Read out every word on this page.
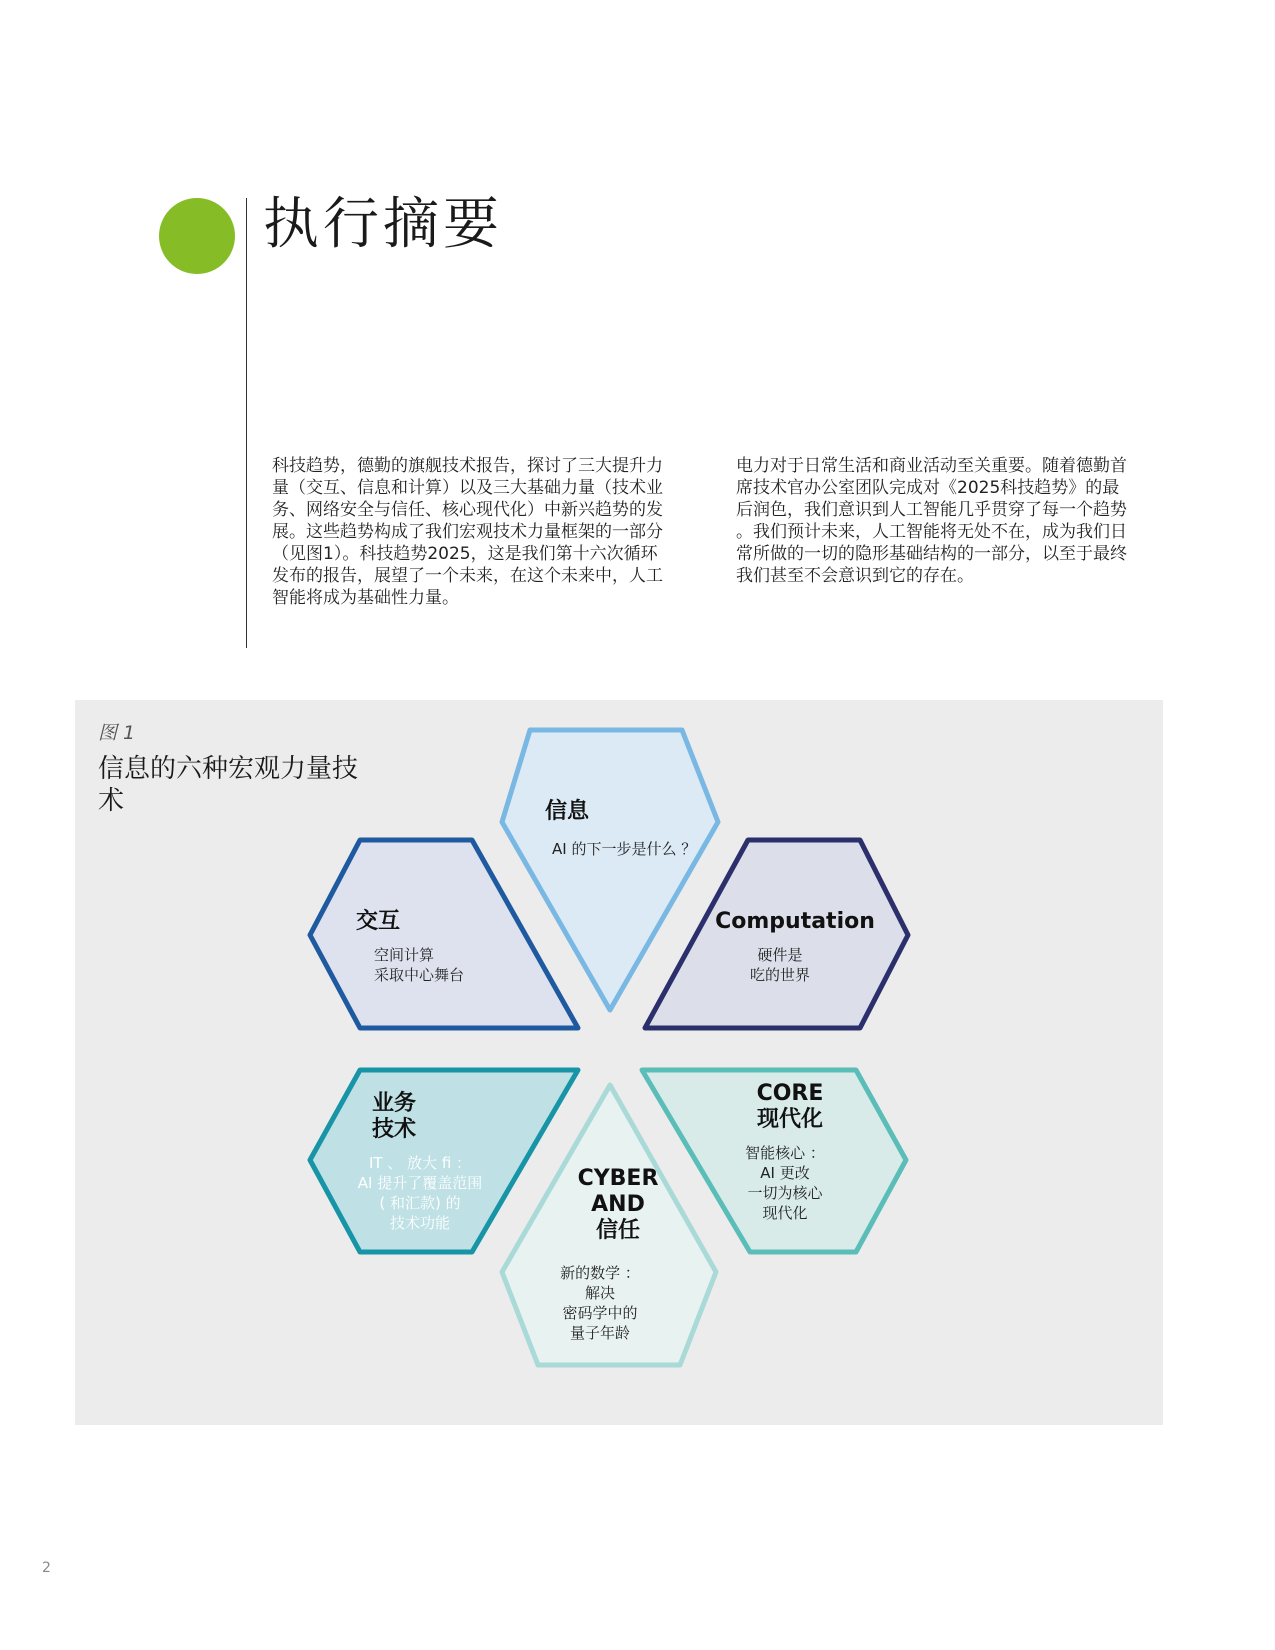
执行摘要
科技趋势，德勤的旗舰技术报告，探讨了三大提升力
量（交互、信息和计算）以及三大基础力量（技术业
务、网络安全与信任、核心现代化）中新兴趋势的发
展。这些趋势构成了我们宏观技术力量框架的一部分
（见图1）。科技趋势2025，这是我们第十六次循环
发布的报告，展望了一个未来，在这个未来中，人工
智能将成为基础性力量。
电力对于日常生活和商业活动至关重要。随着德勤首
席技术官办公室团队完成对《2025科技趋势》的最
后润色，我们意识到人工智能几乎贯穿了每一个趋势
。我们预计未来，人工智能将无处不在，成为我们日
常所做的一切的隐形基础结构的一部分，以至于最终
我们甚至不会意识到它的存在。
图 1
信息的六种宏观力量技术	信息
AI 的下一步是什么 ？
Computation
硬件是
吃的世界
CORE
现代化
智能核心 ：
AI 更改
一切为核心
现代化
CYBER
AND
信任
新的数学 ：
解决
密码学中的
量子年龄
业务
技术
IT 、 放大 fi ：
AI 提升了覆盖范围
( 和汇款) 的
技术功能
交互
空间计算
采取中心舞台
2
